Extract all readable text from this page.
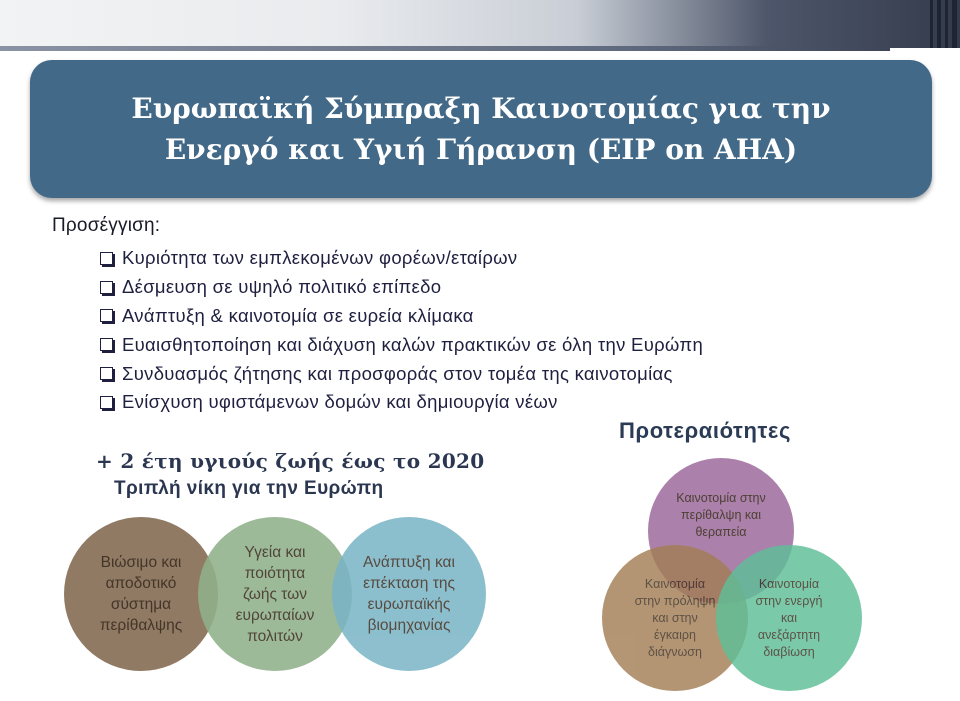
Ευρωπαϊκή Σύμπραξη Καινοτομίας για την
Ενεργό και Υγιή Γήρανση (EIP on AHA)
Προσέγγιση:
Κυριότητα των εμπλεκομένων φορέων/εταίρων
Δέσμευση σε υψηλό πολιτικό επίπεδο
Ανάπτυξη & καινοτομία σε ευρεία κλίμακα
Ευαισθητοποίηση και διάχυση καλών πρακτικών σε όλη την Ευρώπη
Συνδυασμός ζήτησης και προσφοράς στον τομέα της καινοτομίας
Ενίσχυση υφιστάμενων δομών και δημιουργία νέων
Προτεραιότητες
+ 2 έτη υγιούς ζωής έως το 2020
Τριπλή νίκη για την Ευρώπη
Βιώσιμο και
αποδοτικό
σύστημα
περίθαλψης
Υγεία και
ποιότητα
ζωής των
ευρωπαίων
πολιτών
Ανάπτυξη και
επέκταση της
ευρωπαϊκής
βιομηχανίας
Καινοτομία στην
περίθαλψη και
θεραπεία
Καινοτομία
στην πρόληψη
και στην
έγκαιρη
διάγνωση
Καινοτομία
στην ενεργή
και
ανεξάρτητη
διαβίωση
